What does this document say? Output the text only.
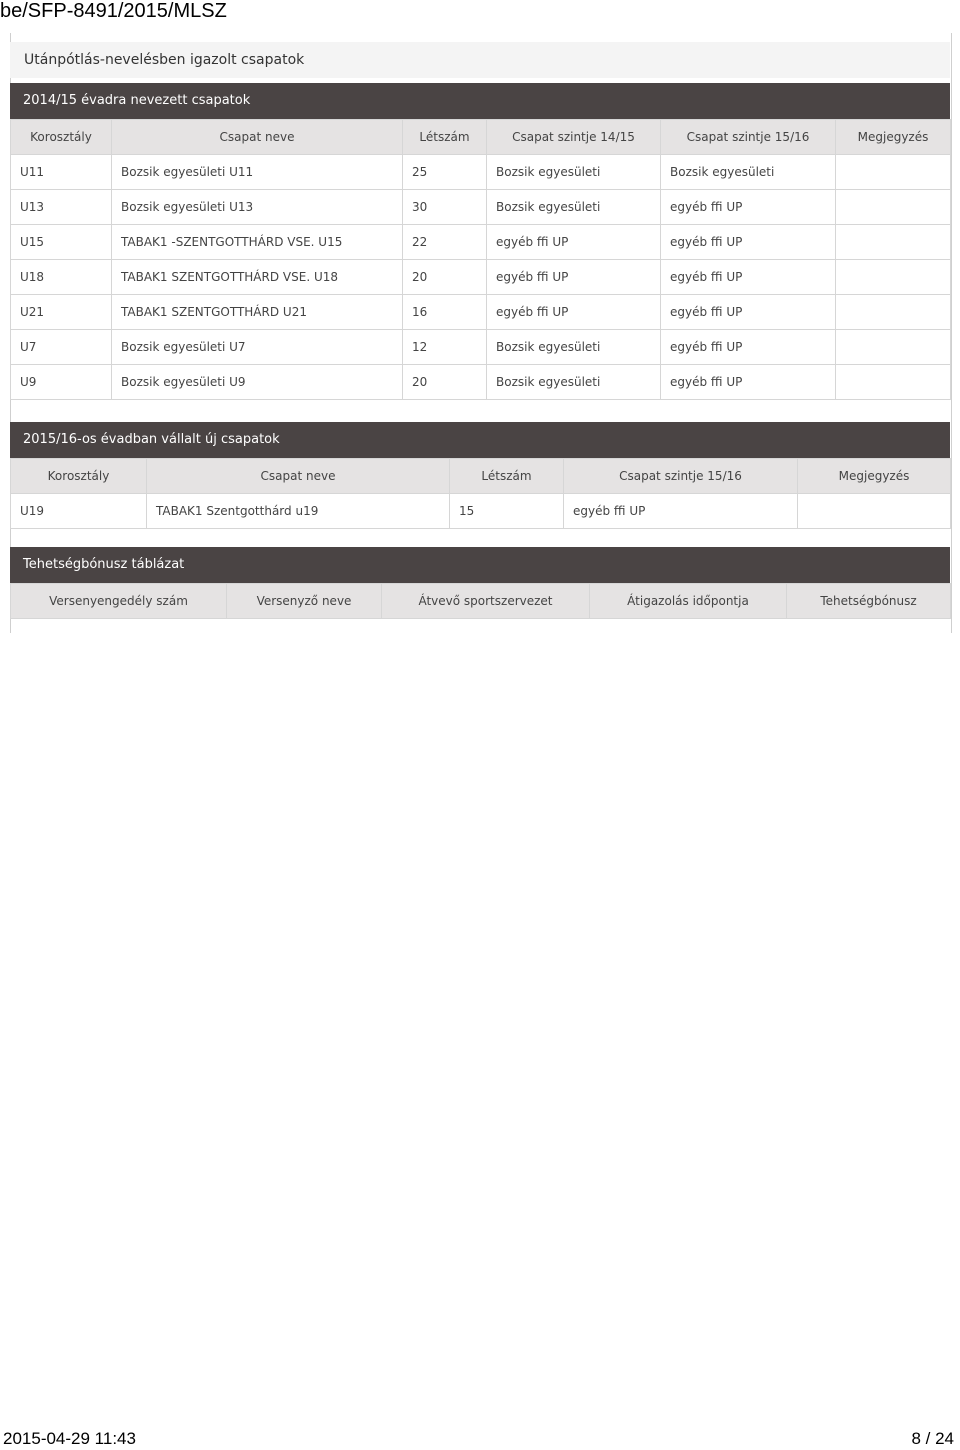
be/SFP-8491/2015/MLSZ
Utánpótlás-nevelésben igazolt csapatok
2014/15 évadra nevezett csapatok
Korosztály	Csapat neve	Létszám	Csapat szintje 14/15	Csapat szintje 15/16	Megjegyzés
U11	Bozsik egyesületi U11	25	Bozsik egyesületi	Bozsik egyesületi	
U13	Bozsik egyesületi U13	30	Bozsik egyesületi	egyéb ffi UP	
U15	TABAK1 -SZENTGOTTHÁRD VSE. U15	22	egyéb ffi UP	egyéb ffi UP	
U18	TABAK1 SZENTGOTTHÁRD VSE. U18	20	egyéb ffi UP	egyéb ffi UP	
U21	TABAK1 SZENTGOTTHÁRD U21	16	egyéb ffi UP	egyéb ffi UP	
U7	Bozsik egyesületi U7	12	Bozsik egyesületi	egyéb ffi UP	
U9	Bozsik egyesületi U9	20	Bozsik egyesületi	egyéb ffi UP	
2015/16-os évadban vállalt új csapatok
Korosztály	Csapat neve	Létszám	Csapat szintje 15/16	Megjegyzés
U19	TABAK1 Szentgotthárd u19	15	egyéb ffi UP	
Tehetségbónusz táblázat
Versenyengedély szám	Versenyző neve	Átvevő sportszervezet	Átigazolás időpontja	Tehetségbónusz
2015-04-29 11:43	8 / 24
